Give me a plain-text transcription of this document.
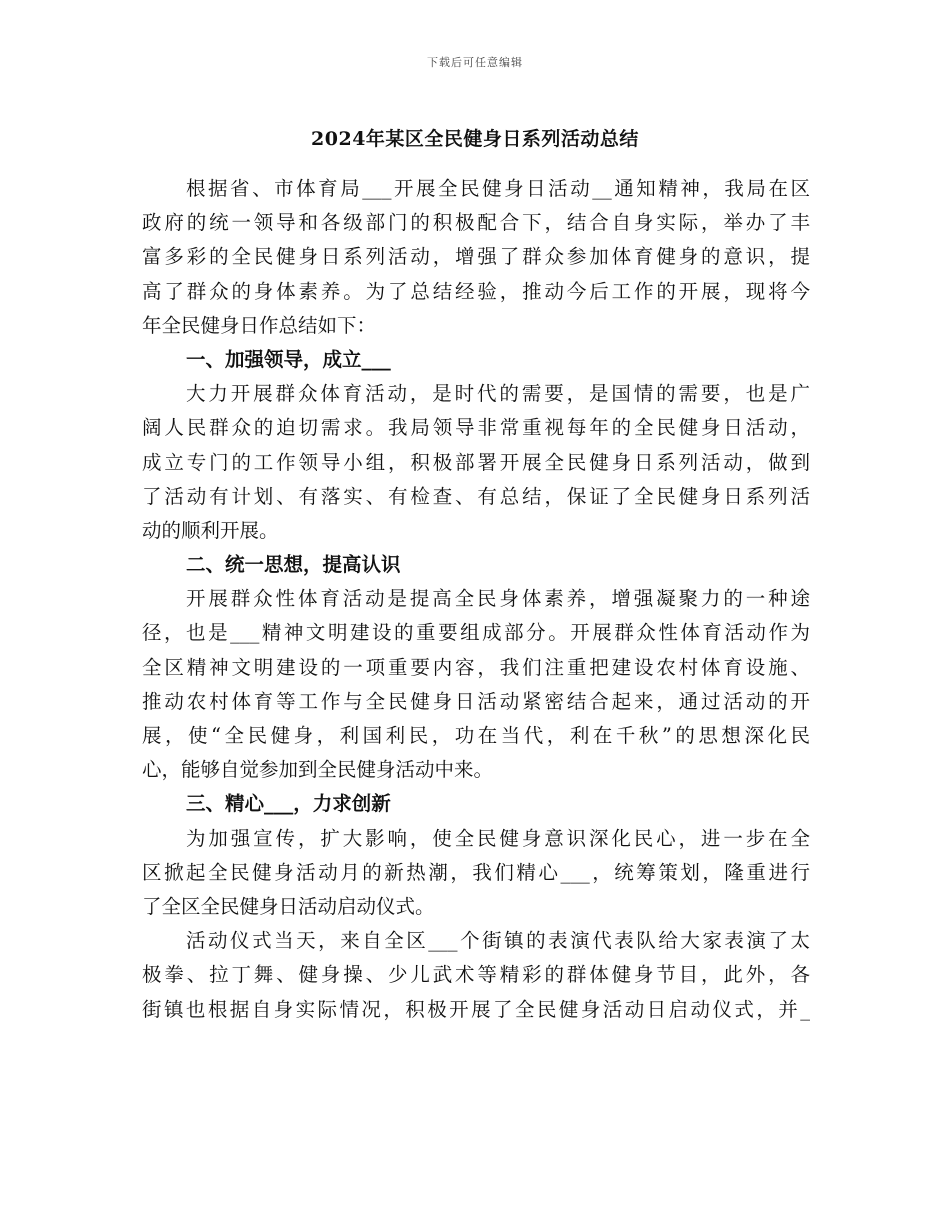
下载后可任意编辑
2024年某区全民健身日系列活动总结
根据省、市体育局___开展全民健身日活动__通知精神，我局在区
政府的统一领导和各级部门的积极配合下，结合自身实际，举办了丰
富多彩的全民健身日系列活动，增强了群众参加体育健身的意识，提
高了群众的身体素养。为了总结经验，推动今后工作的开展，现将今
年全民健身日作总结如下：
一、加强领导，成立___
大力开展群众体育活动，是时代的需要，是国情的需要，也是广
阔人民群众的迫切需求。我局领导非常重视每年的全民健身日活动，
成立专门的工作领导小组，积极部署开展全民健身日系列活动，做到
了活动有计划、有落实、有检查、有总结，保证了全民健身日系列活
动的顺利开展。
二、统一思想，提高认识
开展群众性体育活动是提高全民身体素养，增强凝聚力的一种途
径，也是___精神文明建设的重要组成部分。开展群众性体育活动作为
全区精神文明建设的一项重要内容，我们注重把建设农村体育设施、
推动农村体育等工作与全民健身日活动紧密结合起来，通过活动的开
展，使“全民健身，利国利民，功在当代，利在千秋”的思想深化民
心，能够自觉参加到全民健身活动中来。
三、精心___，力求创新
为加强宣传，扩大影响，使全民健身意识深化民心，进一步在全
区掀起全民健身活动月的新热潮，我们精心___，统筹策划，隆重进行
了全区全民健身日活动启动仪式。
活动仪式当天，来自全区___个街镇的表演代表队给大家表演了太
极拳、拉丁舞、健身操、少儿武术等精彩的群体健身节目，此外，各
街镇也根据自身实际情况，积极开展了全民健身活动日启动仪式，并_
